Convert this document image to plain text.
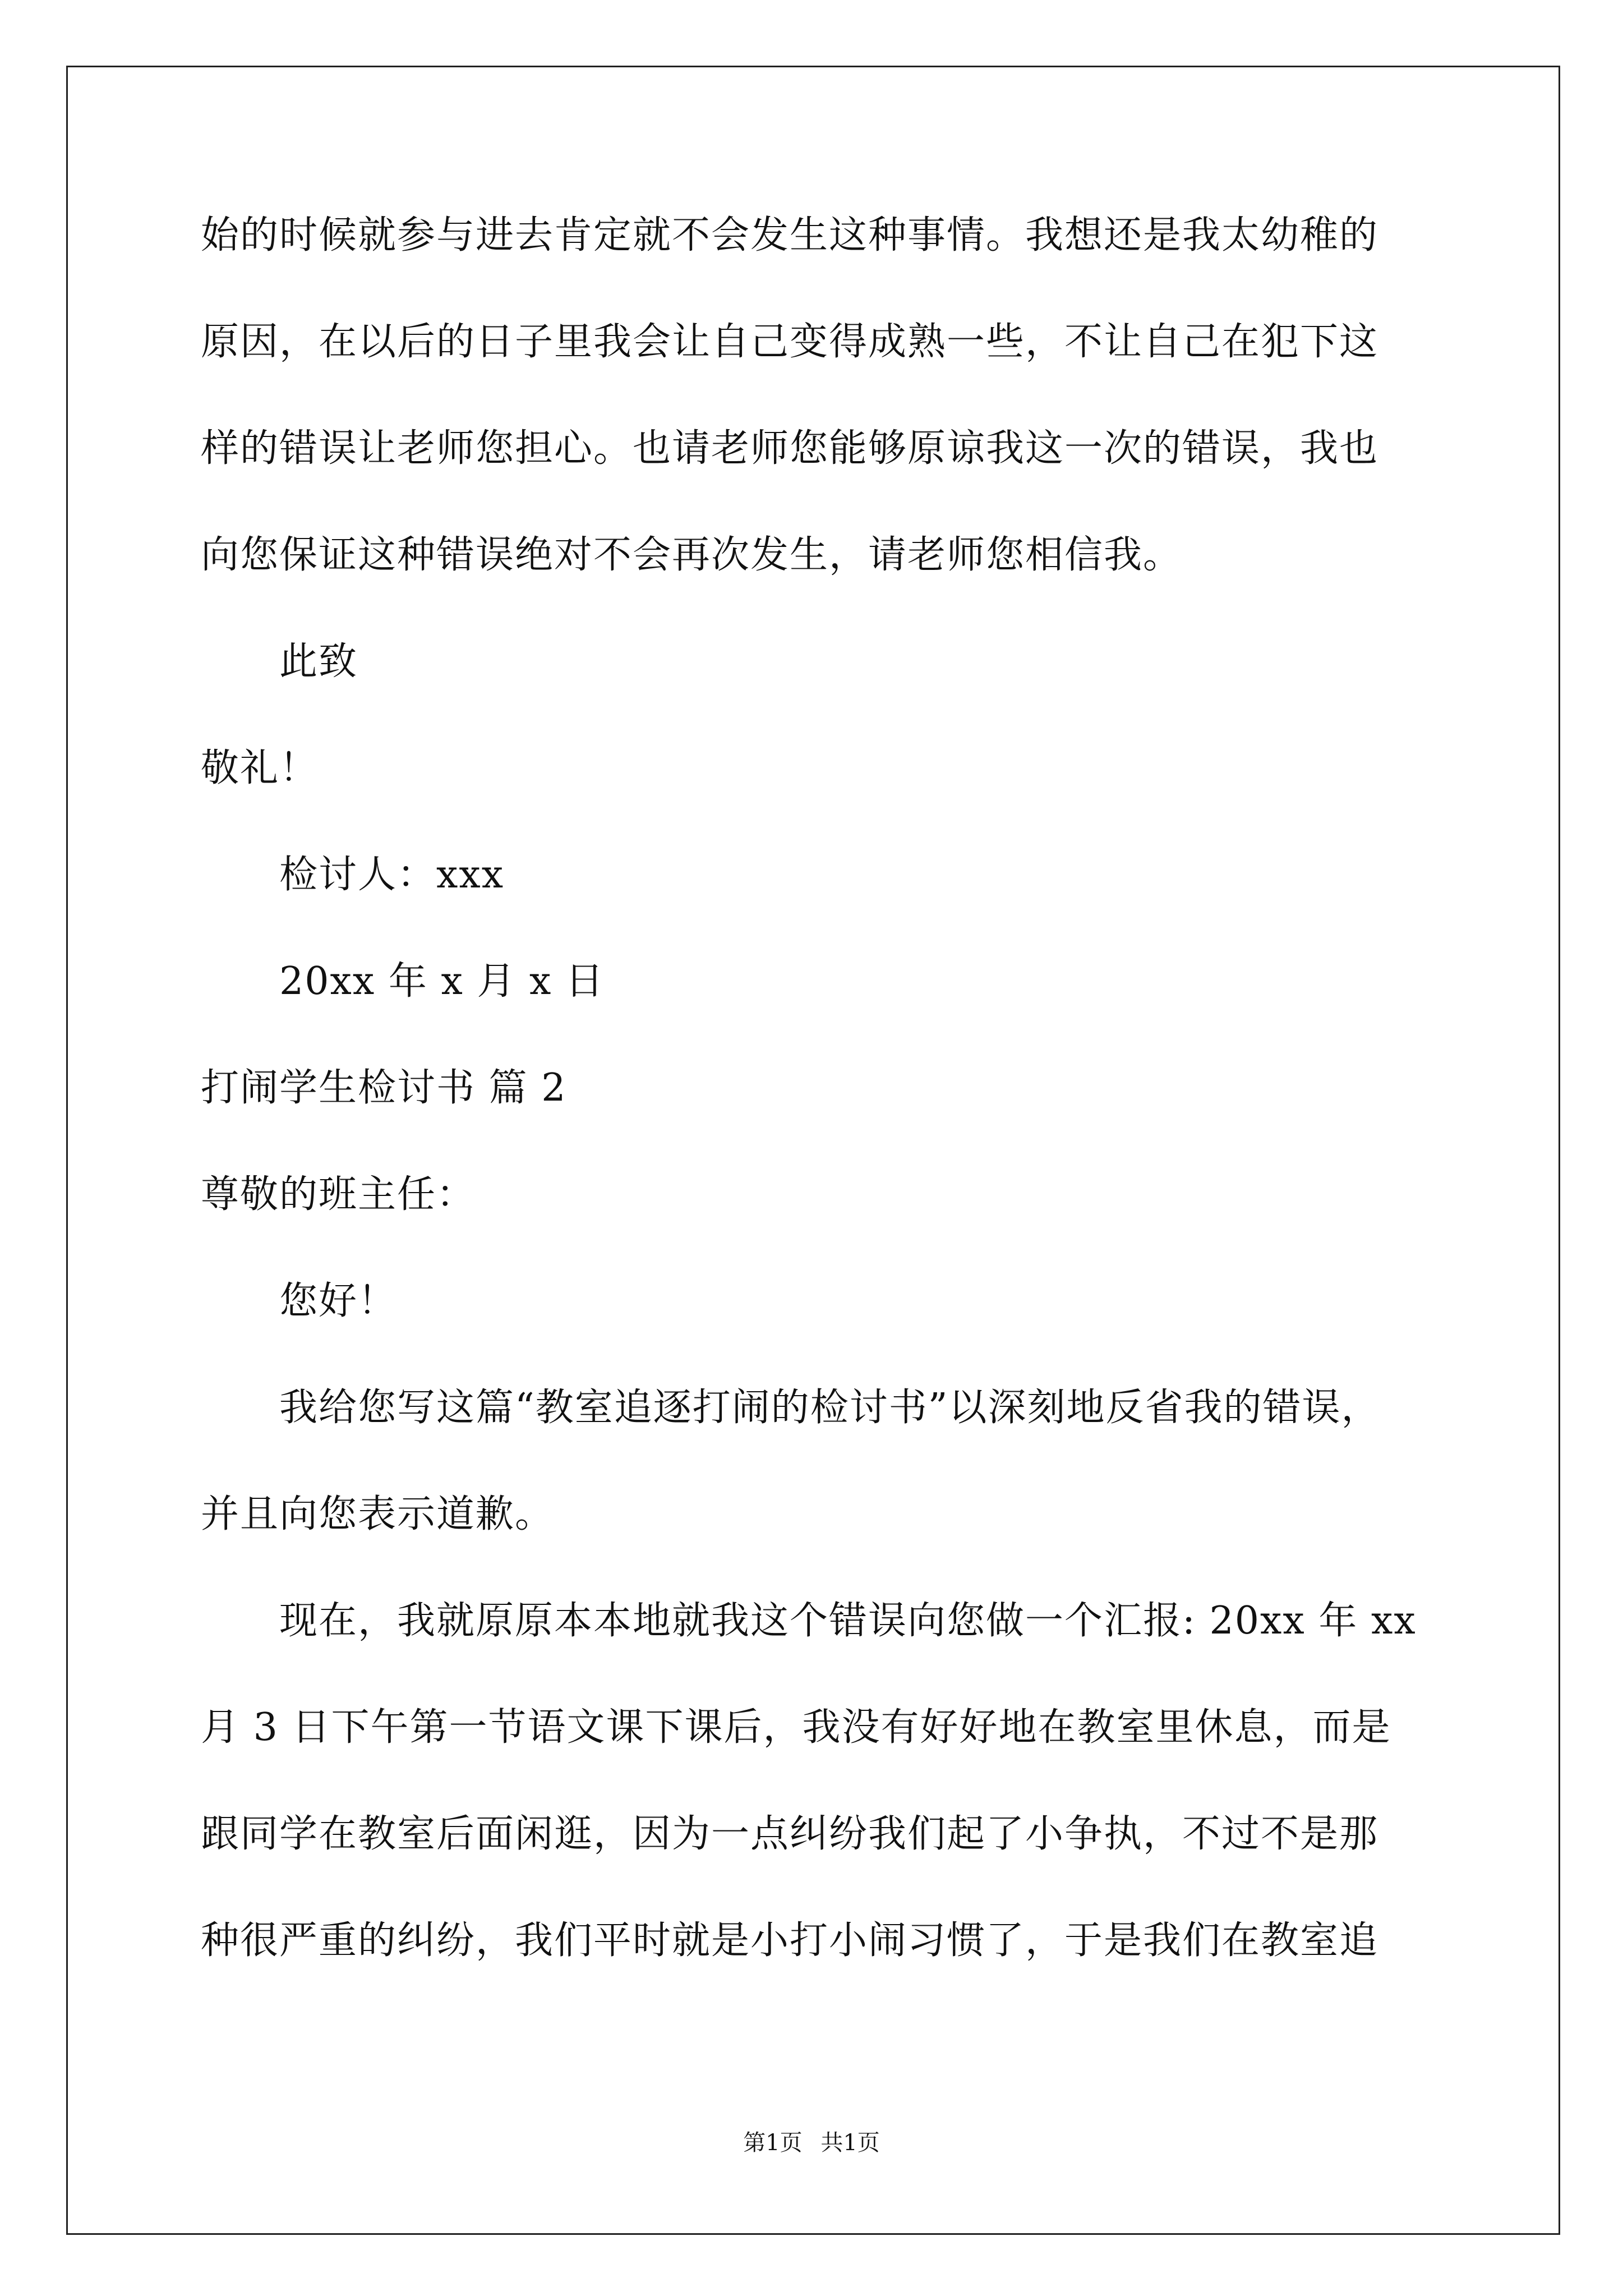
始的时候就参与进去肯定就不会发生这种事情。我想还是我太幼稚的
原因，在以后的日子里我会让自己变得成熟一些，不让自己在犯下这
样的错误让老师您担心。也请老师您能够原谅我这一次的错误，我也
向您保证这种错误绝对不会再次发生，请老师您相信我。
此致
敬礼！
检讨人：xxx
20xx 年 x 月 x 日
打闹学生检讨书 篇 2
尊敬的班主任：
您好！
我给您写这篇“教室追逐打闹的检讨书”以深刻地反省我的错误，
并且向您表示道歉。
现在，我就原原本本地就我这个错误向您做一个汇报: 20xx 年 xx
月 3 日下午第一节语文课下课后，我没有好好地在教室里休息，而是
跟同学在教室后面闲逛，因为一点纠纷我们起了小争执，不过不是那
种很严重的纠纷，我们平时就是小打小闹习惯了，于是我们在教室追
第1页 共1页
